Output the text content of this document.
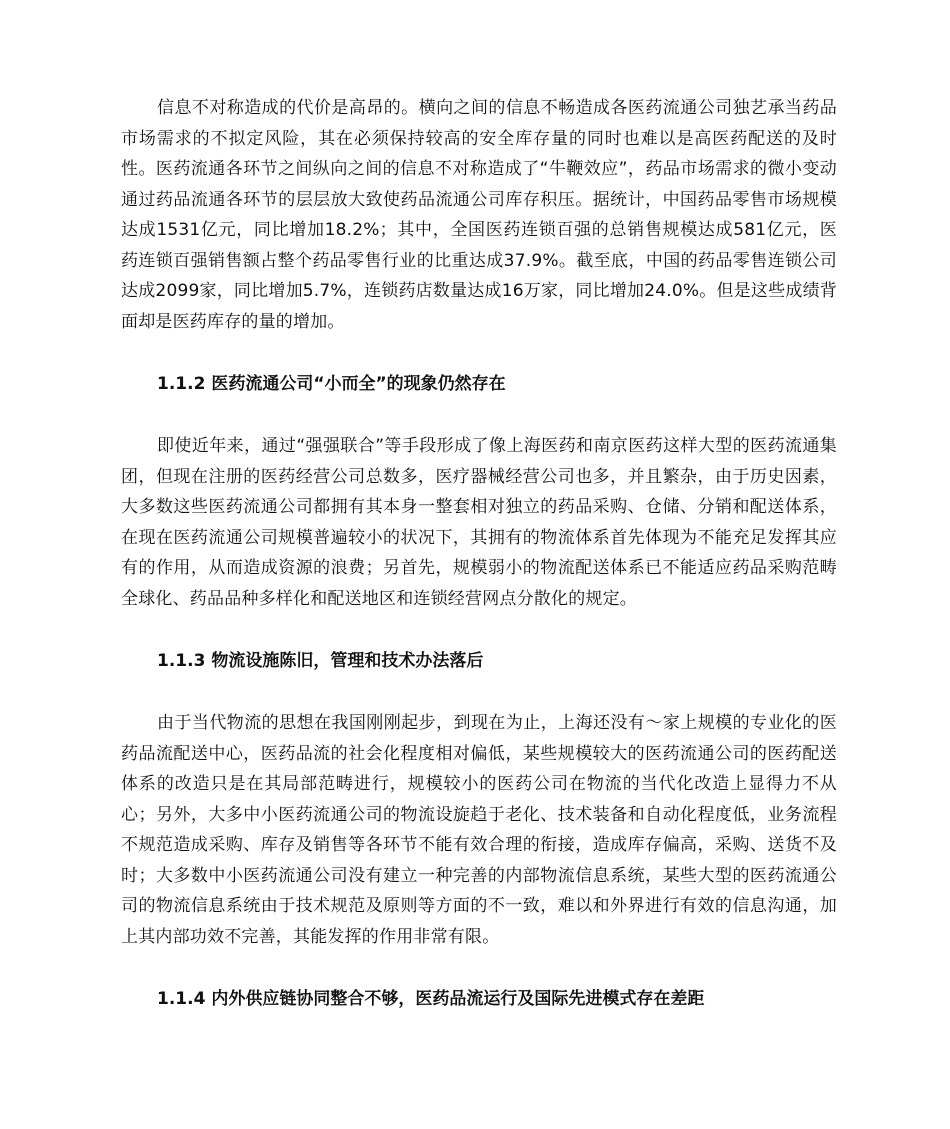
信息不对称造成的代价是高昂的。横向之间的信息不畅造成各医药流通公司独艺承当药品市场需求的不拟定风险，其在必须保持较高的安全库存量的同时也难以是高医药配送的及时性。医药流通各环节之间纵向之间的信息不对称造成了“牛鞭效应”，药品市场需求的微小变动通过药品流通各环节的层层放大致使药品流通公司库存积压。据统计，中国药品零售市场规模达成1531亿元，同比增加18.2%；其中，全国医药连锁百强的总销售规模达成581亿元，医药连锁百强销售额占整个药品零售行业的比重达成37.9%。截至底，中国的药品零售连锁公司达成2099家，同比增加5.7%，连锁药店数量达成16万家，同比增加24.0%。但是这些成绩背面却是医药库存的量的增加。

1.1.2 医药流通公司“小而全”的现象仍然存在

即使近年来，通过“强强联合”等手段形成了像上海医药和南京医药这样大型的医药流通集团，但现在注册的医药经营公司总数多，医疗器械经营公司也多，并且繁杂，由于历史因素，大多数这些医药流通公司都拥有其本身一整套相对独立的药品采购、仓储、分销和配送体系，在现在医药流通公司规模普遍较小的状况下，其拥有的物流体系首先体现为不能充足发挥其应有的作用，从而造成资源的浪费；另首先，规模弱小的物流配送体系已不能适应药品采购范畴全球化、药品品种多样化和配送地区和连锁经营网点分散化的规定。

1.1.3 物流设施陈旧，管理和技术办法落后

由于当代物流的思想在我国刚刚起步，到现在为止，上海还没有～家上规模的专业化的医药品流配送中心，医药品流的社会化程度相对偏低，某些规模较大的医药流通公司的医药配送体系的改造只是在其局部范畴进行，规模较小的医药公司在物流的当代化改造上显得力不从心；另外，大多中小医药流通公司的物流设旋趋于老化、技术装备和自动化程度低，业务流程不规范造成采购、库存及销售等各环节不能有效合理的衔接，造成库存偏高，采购、送货不及时；大多数中小医药流通公司没有建立一种完善的内部物流信息系统，某些大型的医药流通公司的物流信息系统由于技术规范及原则等方面的不一致，难以和外界进行有效的信息沟通，加上其内部功效不完善，其能发挥的作用非常有限。

1.1.4 内外供应链协同整合不够，医药品流运行及国际先进模式存在差距
